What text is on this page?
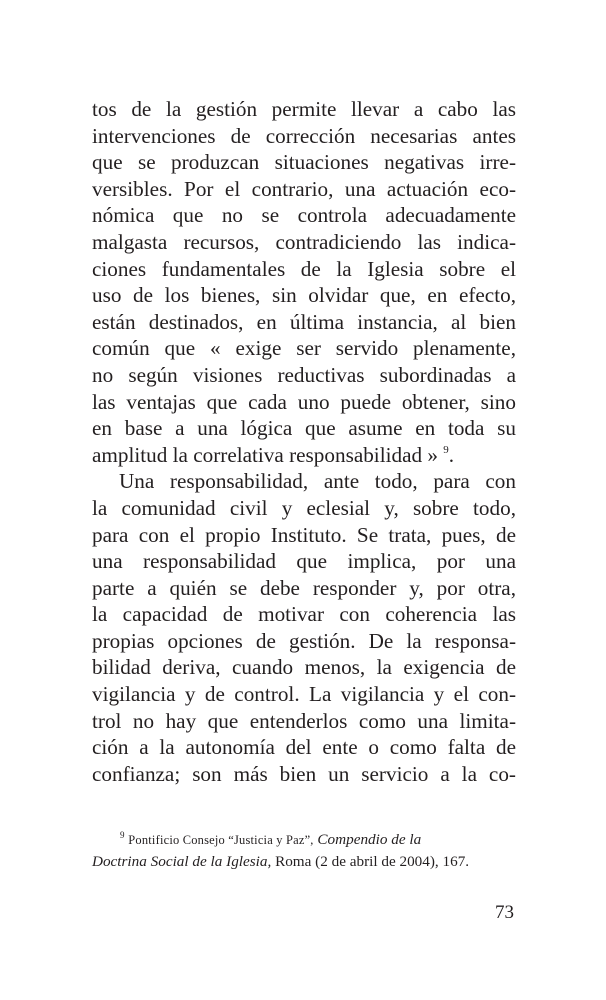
tos de la gestión permite llevar a cabo las
intervenciones de corrección necesarias antes
que se produzcan situaciones negativas irre-
versibles. Por el contrario, una actuación eco-
nómica que no se controla adecuadamente
malgasta recursos, contradiciendo las indica-
ciones fundamentales de la Iglesia sobre el
uso de los bienes, sin olvidar que, en efecto,
están destinados, en última instancia, al bien
común que « exige ser servido plenamente,
no según visiones reductivas subordinadas a
las ventajas que cada uno puede obtener, sino
en base a una lógica que asume en toda su
amplitud la correlativa responsabilidad » $^9$.
Una responsabilidad, ante todo, para con
la comunidad civil y eclesial y, sobre todo,
para con el propio Instituto. Se trata, pues, de
una responsabilidad que implica, por una
parte a quién se debe responder y, por otra,
la capacidad de motivar con coherencia las
propias opciones de gestión. De la responsa-
bilidad deriva, cuando menos, la exigencia de
vigilancia y de control. La vigilancia y el con-
trol no hay que entenderlos como una limita-
ción a la autonomía del ente o como falta de
confianza; son más bien un servicio a la co-
$^9$ Pontificio Consejo “Justicia y Paz”, Compendio de la
Doctrina Social de la Iglesia, Roma (2 de abril de 2004), 167.
73
